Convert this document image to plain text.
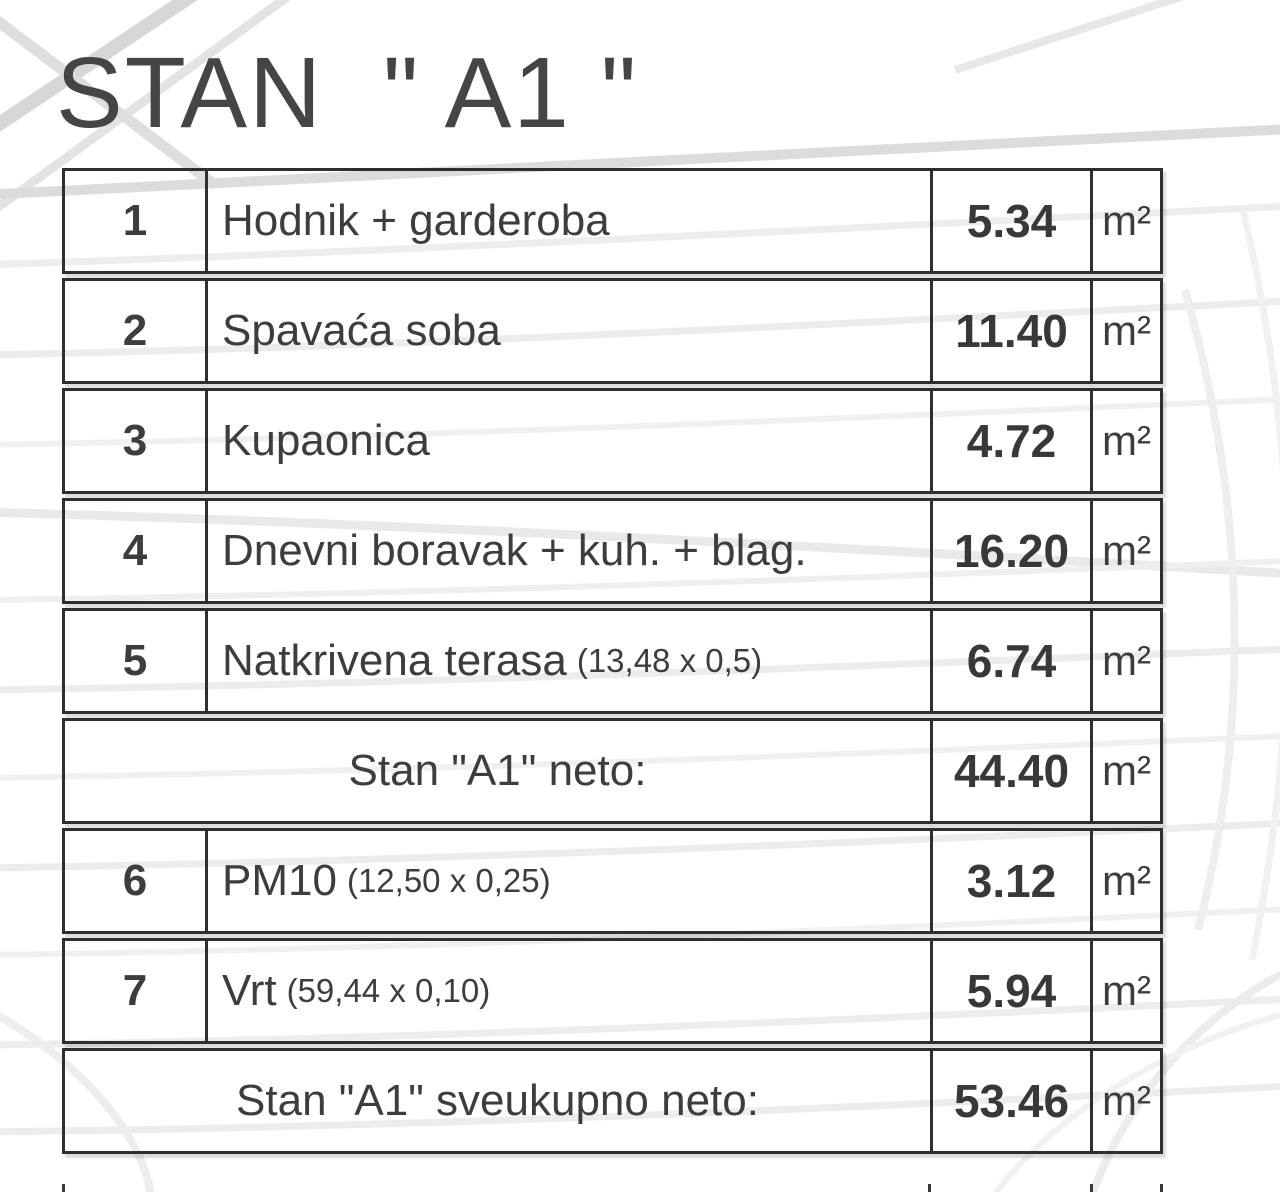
STAN  " A1 "
1	Hodnik + garderoba	5.34	m²
2	Spavaća soba	11.40 m²
3	Kupaonica	4.72	m²
4	Dnevni boravak + kuh. + blag.	16.20 m²
5	Natkrivena terasa (13,48 x 0,5)	6.74	m²
Stan "A1" neto:	44.40 m²
6	PM10 (12,50 x 0,25)	3.12	m²
7	Vrt (59,44 x 0,10)	5.94	m²
Stan "A1" sveukupno neto:	53.46 m²
